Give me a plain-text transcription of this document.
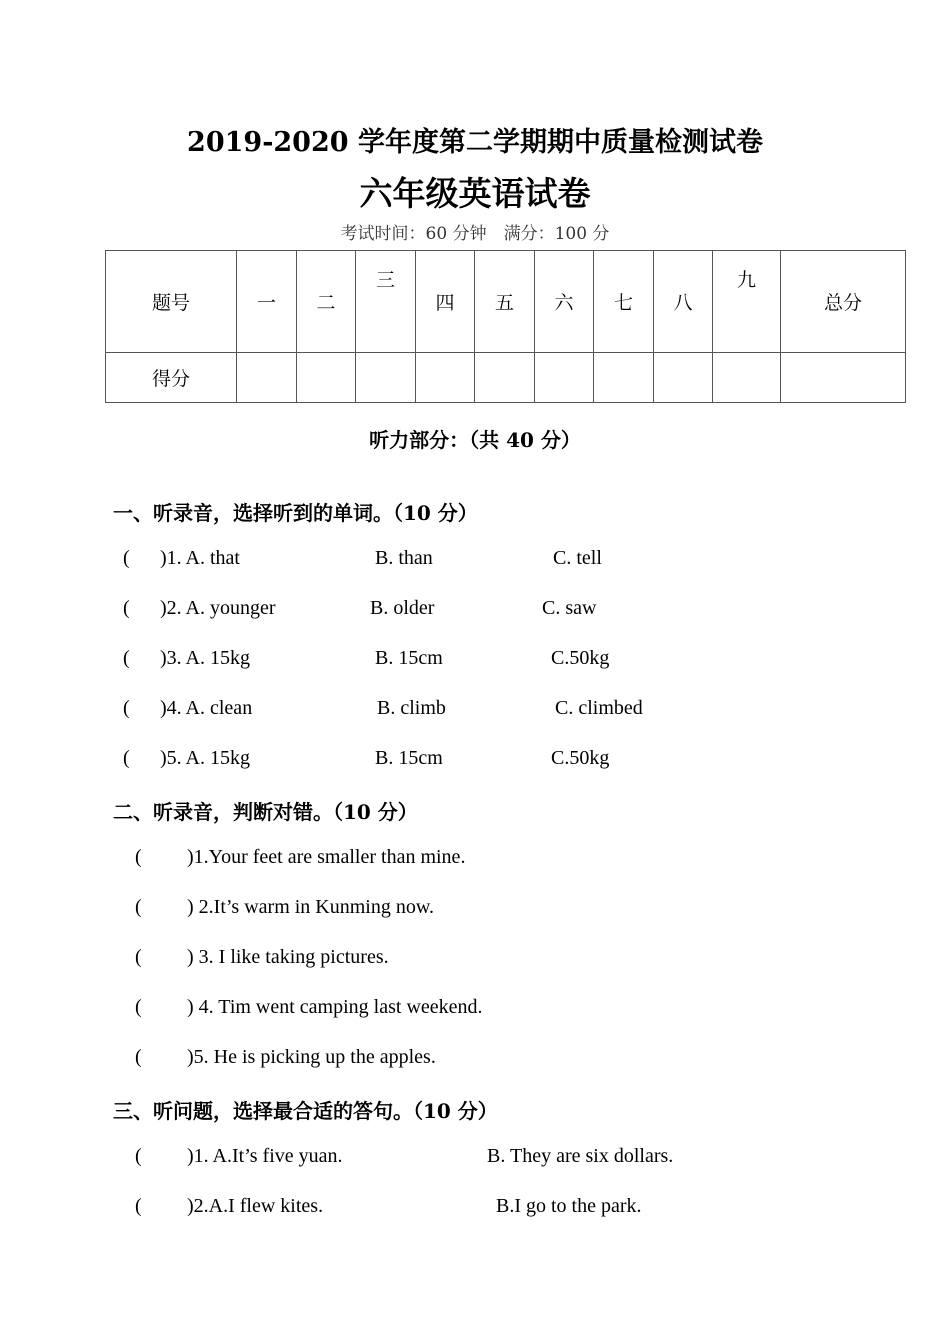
2019-2020 学年度第二学期期中质量检测试卷
六年级英语试卷
考试时间：60 分钟　满分：100 分
题号	一	二	三	四	五	六	七	八	九	总分
得分										
听力部分：（共 40 分）
一、听录音，选择听到的单词。（10 分）
( )1. A. that	B. than	C. tell
( )2. A. younger	B. older	C. saw
( )3. A. 15kg	B. 15cm	C.50kg
( )4. A. clean	B. climb	C. climbed
( )5. A. 15kg	B. 15cm	C.50kg
二、听录音，判断对错。（10 分）
( )1.Your feet are smaller than mine.
( ) 2.It’s warm in Kunming now.
( ) 3. I like taking pictures.
( ) 4. Tim went camping last weekend.
( )5. He is picking up the apples.
三、听问题，选择最合适的答句。（10 分）
( )1. A.It’s five yuan.	B. They are six dollars.
( )2.A.I flew kites.	B.I go to the park.
